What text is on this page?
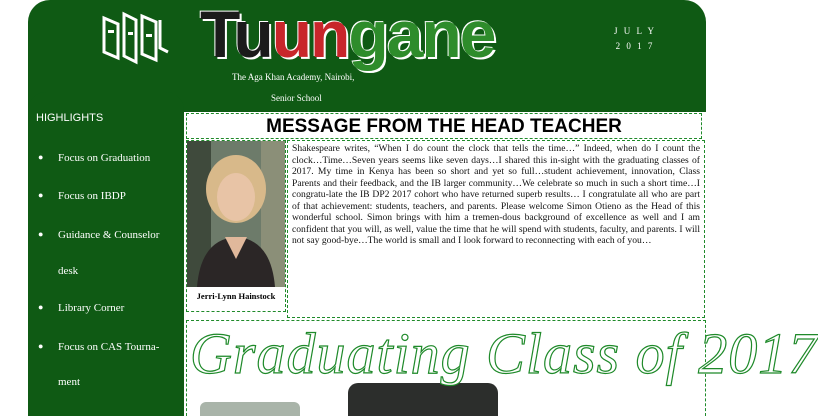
J U L Y
2 0 1 7
Tuungane
The Aga Khan Academy, Nairobi,
Senior School
HIGHLIGHTS
● Focus on Graduation
● Focus on IBDP
● Guidance & Counselor
desk
● Library Corner
● Focus on CAS Tourna-
ment
MESSAGE FROM THE HEAD TEACHER
Jerri-Lynn Hainstock
Shakespeare writes, “When I do count the clock that tells the time…” Indeed, when do I count the clock…Time…Seven years seems like seven days…I shared this in-sight with the graduating classes of 2017. My time in Kenya has been so short and yet so full…student achievement, innovation, Class Parents and their feedback, and the IB larger community…We celebrate so much in such a short time…I congratu-late the IB DP2 2017 cohort who have returned superb results… I congratulate all who are part of that achievement: students, teachers, and parents. Please welcome Simon Otieno as the Head of this wonderful school. Simon brings with him a tremen-dous background of excellence as well and I am confident that you will, as well, value the time that he will spend with students, faculty, and parents. I will not say good-bye…The world is small and I look forward to reconnecting with each of you…
Graduating Class of 2017
